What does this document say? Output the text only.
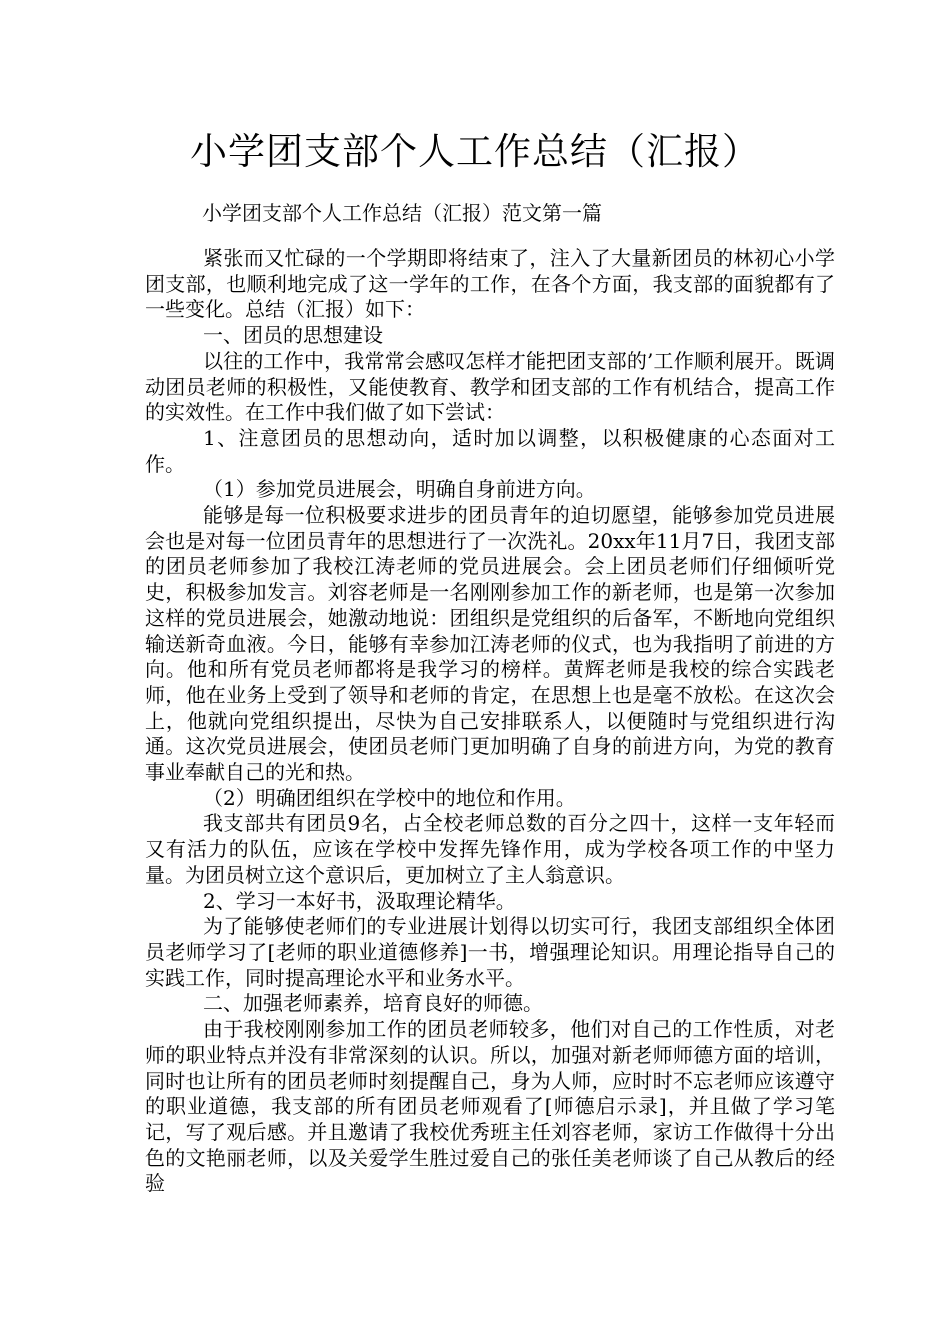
小学团支部个人工作总结（汇报）
小学团支部个人工作总结（汇报）范文第一篇

紧张而又忙碌的一个学期即将结束了，注入了大量新团员的林初心小学团支部，也顺利地完成了这一学年的工作，在各个方面，我支部的面貌都有了一些变化。总结（汇报）如下：

一、团员的思想建设

以往的工作中，我常常会感叹怎样才能把团支部的’工作顺利展开。既调动团员老师的积极性，又能使教育、教学和团支部的工作有机结合，提高工作的实效性。在工作中我们做了如下尝试：

1、注意团员的思想动向，适时加以调整，以积极健康的心态面对工作。

（1）参加党员进展会，明确自身前进方向。

能够是每一位积极要求进步的团员青年的迫切愿望，能够参加党员进展会也是对每一位团员青年的思想进行了一次洗礼。20xx年11月7日，我团支部的团员老师参加了我校江涛老师的党员进展会。会上团员老师们仔细倾听党史，积极参加发言。刘容老师是一名刚刚参加工作的新老师，也是第一次参加这样的党员进展会，她激动地说：团组织是党组织的后备军，不断地向党组织输送新奇血液。今日，能够有幸参加江涛老师的仪式，也为我指明了前进的方向。他和所有党员老师都将是我学习的榜样。黄辉老师是我校的综合实践老师，他在业务上受到了领导和老师的肯定，在思想上也是毫不放松。在这次会上，他就向党组织提出，尽快为自己安排联系人，以便随时与党组织进行沟通。这次党员进展会，使团员老师门更加明确了自身的前进方向，为党的教育事业奉献自己的光和热。

（2）明确团组织在学校中的地位和作用。

我支部共有团员9名，占全校老师总数的百分之四十，这样一支年轻而又有活力的队伍，应该在学校中发挥先锋作用，成为学校各项工作的中坚力量。为团员树立这个意识后，更加树立了主人翁意识。

2、学习一本好书，汲取理论精华。

为了能够使老师们的专业进展计划得以切实可行，我团支部组织全体团员老师学习了[老师的职业道德修养]一书，增强理论知识。用理论指导自己的实践工作，同时提高理论水平和业务水平。

二、加强老师素养，培育良好的师德。

由于我校刚刚参加工作的团员老师较多，他们对自己的工作性质，对老师的职业特点并没有非常深刻的认识。所以，加强对新老师师德方面的培训，同时也让所有的团员老师时刻提醒自己，身为人师，应时时不忘老师应该遵守的职业道德，我支部的所有团员老师观看了[师德启示录]，并且做了学习笔记，写了观后感。并且邀请了我校优秀班主任刘容老师，家访工作做得十分出色的文艳丽老师，以及关爱学生胜过爱自己的张任美老师谈了自己从教后的经验
